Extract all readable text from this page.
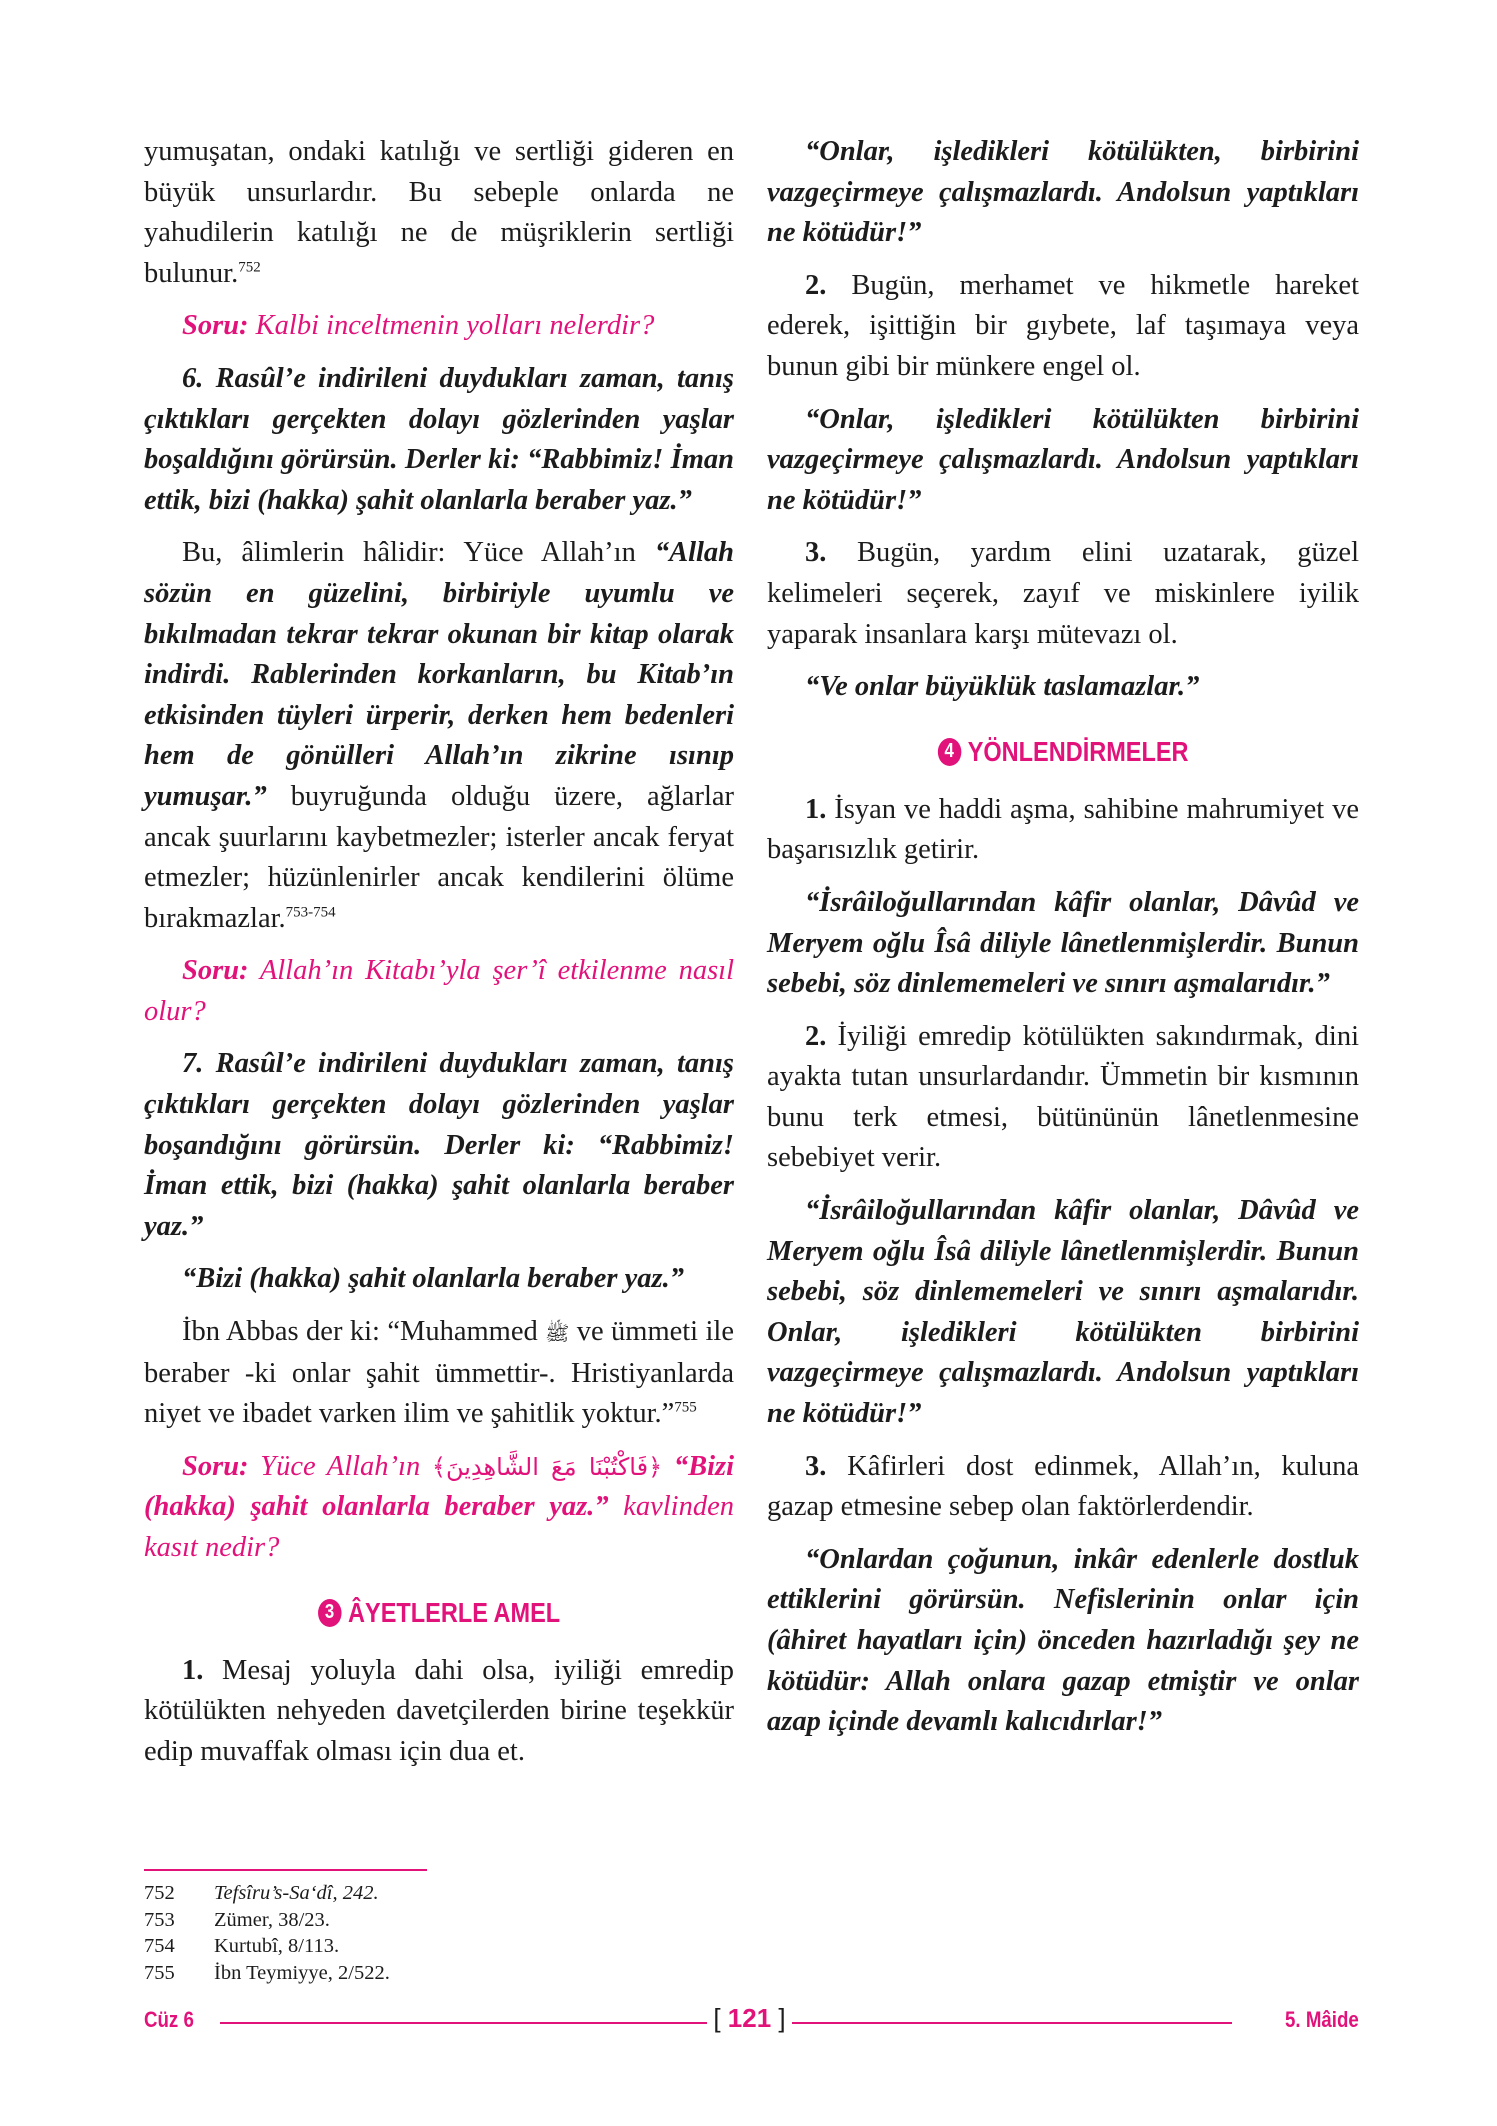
yumuşatan, ondaki katılığı ve sertliği gideren en büyük unsurlardır. Bu sebeple onlarda ne yahudilerin katılığı ne de müşriklerin sertliği bulunur.$^{752}$

Soru: Kalbi inceltmenin yolları nelerdir?

6. Rasûl’e indirileni duydukları zaman, tanış çıktıkları gerçekten dolayı gözlerinden yaşlar boşaldığını görürsün. Derler ki: “Rabbimiz! İman ettik, bizi (hakka) şahit olanlarla beraber yaz.”

Bu, âlimlerin hâlidir: Yüce Allah’ın “Allah sözün en güzelini, birbiriyle uyumlu ve bıkılmadan tekrar tekrar okunan bir kitap olarak indirdi. Rablerinden korkanların, bu Kitab’ın etkisinden tüyleri ürperir, derken hem bedenleri hem de gönülleri Allah’ın zikrine ısınıp yumuşar.” buyruğunda olduğu üzere, ağlarlar ancak şuurlarını kaybetmezler; isterler ancak feryat etmezler; hüzünlenirler ancak kendilerini ölüme bırakmazlar.$^{753-754}$

Soru: Allah’ın Kitabı’yla şer’î etkilenme nasıl olur?

7. Rasûl’e indirileni duydukları zaman, tanış çıktıkları gerçekten dolayı gözlerinden yaşlar boşandığını görürsün. Derler ki: “Rabbimiz! İman ettik, bizi (hakka) şahit olanlarla beraber yaz.”

“Bizi (hakka) şahit olanlarla beraber yaz.”

İbn Abbas der ki: “Muhammed ﷺ ve ümmeti ile beraber -ki onlar şahit ümmettir-. Hristiyanlarda niyet ve ibadet varken ilim ve şahitlik yoktur.”$^{755}$

Soru: Yüce Allah’ın ﴿فَاكْتُبْنَا مَعَ الشَّاهِدِينَ﴾ “Bizi (hakka) şahit olanlarla beraber yaz.” kavlinden kasıt nedir?

3 ÂYETLERLE AMEL

1. Mesaj yoluyla dahi olsa, iyiliği emredip kötülükten nehyeden davetçilerden birine teşekkür edip muvaffak olması için dua et.

“Onlar, işledikleri kötülükten, birbirini vazgeçirmeye çalışmazlardı. Andolsun yaptıkları ne kötüdür!”

2. Bugün, merhamet ve hikmetle hareket ederek, işittiğin bir gıybete, laf taşımaya veya bunun gibi bir münkere engel ol.

“Onlar, işledikleri kötülükten birbirini vazgeçirmeye çalışmazlardı. Andolsun yaptıkları ne kötüdür!”

3. Bugün, yardım elini uzatarak, güzel kelimeleri seçerek, zayıf ve miskinlere iyilik yaparak insanlara karşı mütevazı ol.

“Ve onlar büyüklük taslamazlar.”

4 YÖNLENDİRMELER

1. İsyan ve haddi aşma, sahibine mahrumiyet ve başarısızlık getirir.

“İsrâiloğullarından kâfir olanlar, Dâvûd ve Meryem oğlu Îsâ diliyle lânetlenmişlerdir. Bunun sebebi, söz dinlememeleri ve sınırı aşmalarıdır.”

2. İyiliği emredip kötülükten sakındırmak, dini ayakta tutan unsurlardandır. Ümmetin bir kısmının bunu terk etmesi, bütününün lânetlenmesine sebebiyet verir.

“İsrâiloğullarından kâfir olanlar, Dâvûd ve Meryem oğlu Îsâ diliyle lânetlenmişlerdir. Bunun sebebi, söz dinlememeleri ve sınırı aşmalarıdır. Onlar, işledikleri kötülükten birbirini vazgeçirmeye çalışmazlardı. Andolsun yaptıkları ne kötüdür!”

3. Kâfirleri dost edinmek, Allah’ın, kuluna gazap etmesine sebep olan faktörlerdendir.

“Onlardan çoğunun, inkâr edenlerle dostluk ettiklerini görürsün. Nefislerinin onlar için (âhiret hayatları için) önceden hazırladığı şey ne kötüdür: Allah onlara gazap etmiştir ve onlar azap içinde devamlı kalıcıdırlar!”

752	Tefsîru’s-Sa‘dî, 242.
753	Zümer, 38/23.
754	Kurtubî, 8/113.
755	İbn Teymiyye, 2/522.
Cüz 6	[ 121 ]	5. Mâide
